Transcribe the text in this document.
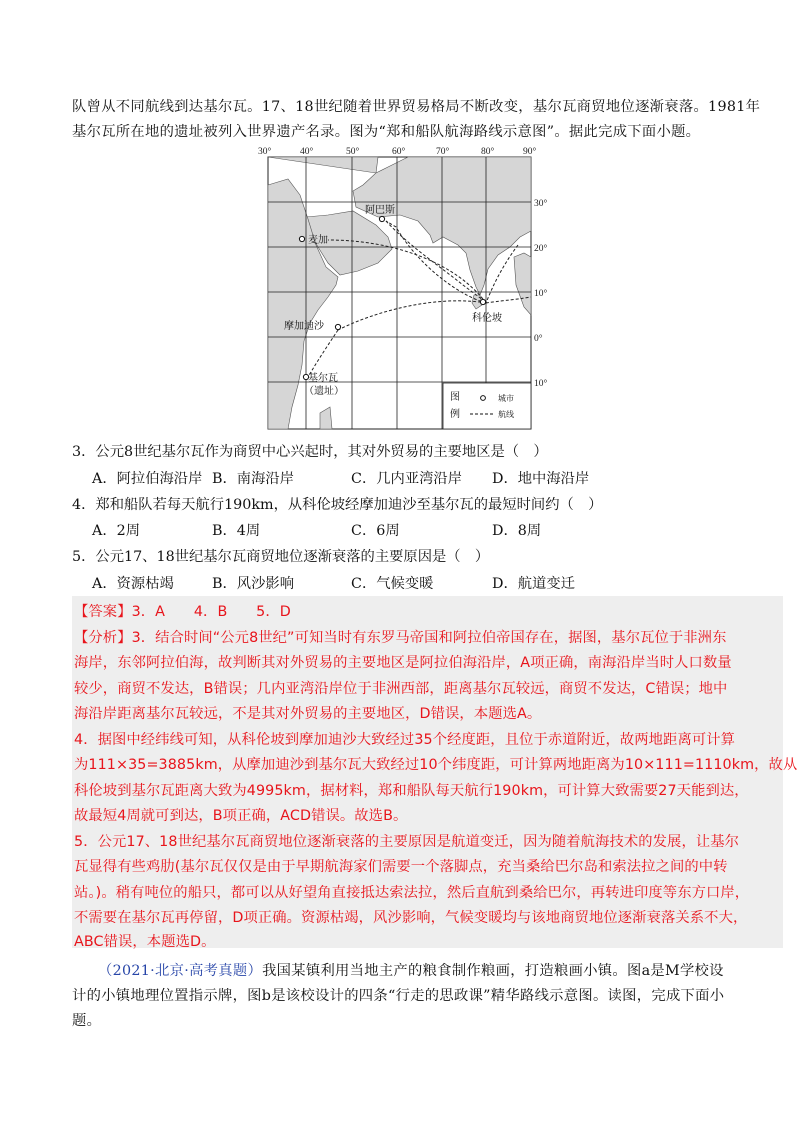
队曾从不同航线到达基尔瓦。17、18世纪随着世界贸易格局不断改变，基尔瓦商贸地位逐渐衰落。1981年
基尔瓦所在地的遗址被列入世界遗产名录。图为“郑和船队航海路线示意图”。据此完成下面小题。
30°	40°	50°	60°	70°	80°	90°
30°
20°
10°
0°
10°
阿巴斯
麦加
摩加迪沙
科伦坡
基尔瓦
（遗址）
图
例
城市
航线
3．公元8世纪基尔瓦作为商贸中心兴起时，其对外贸易的主要地区是（　）
A．阿拉伯海沿岸 B．南海沿岸	C．几内亚湾沿岸 D．地中海沿岸
4．郑和船队若每天航行190km，从科伦坡经摩加迪沙至基尔瓦的最短时间约（　）
A．2周	B．4周	C．6周	D．8周
5．公元17、18世纪基尔瓦商贸地位逐渐衰落的主要原因是（　）
A．资源枯竭	B．风沙影响	C．气候变暖	D．航道变迁
【答案】3．A　　4．B　　5．D
【分析】3．结合时间“公元8世纪”可知当时有东罗马帝国和阿拉伯帝国存在，据图，基尔瓦位于非洲东
海岸，东邻阿拉伯海，故判断其对外贸易的主要地区是阿拉伯海沿岸，A项正确，南海沿岸当时人口数量
较少，商贸不发达，B错误；几内亚湾沿岸位于非洲西部，距离基尔瓦较远，商贸不发达，C错误；地中
海沿岸距离基尔瓦较远，不是其对外贸易的主要地区，D错误，本题选A。
4．据图中经纬线可知，从科伦坡到摩加迪沙大致经过35个经度距，且位于赤道附近，故两地距离可计算
为111×35=3885km，从摩加迪沙到基尔瓦大致经过10个纬度距，可计算两地距离为10×111=1110km，故从
科伦坡到基尔瓦距离大致为4995km，据材料，郑和船队每天航行190km，可计算大致需要27天能到达，
故最短4周就可到达，B项正确，ACD错误。故选B。
5．公元17、18世纪基尔瓦商贸地位逐渐衰落的主要原因是航道变迁，因为随着航海技术的发展，让基尔
瓦显得有些鸡肋(基尔瓦仅仅是由于早期航海家们需要一个落脚点，充当桑给巴尔岛和索法拉之间的中转
站。)。稍有吨位的船只，都可以从好望角直接抵达索法拉，然后直航到桑给巴尔，再转进印度等东方口岸，
不需要在基尔瓦再停留，D项正确。资源枯竭，风沙影响，气候变暖均与该地商贸地位逐渐衰落关系不大，
ABC错误，本题选D。
（2021·北京·高考真题）我国某镇利用当地主产的粮食制作粮画，打造粮画小镇。图a是M学校设
计的小镇地理位置指示牌，图b是该校设计的四条“行走的思政课”精华路线示意图。读图，完成下面小
题。
